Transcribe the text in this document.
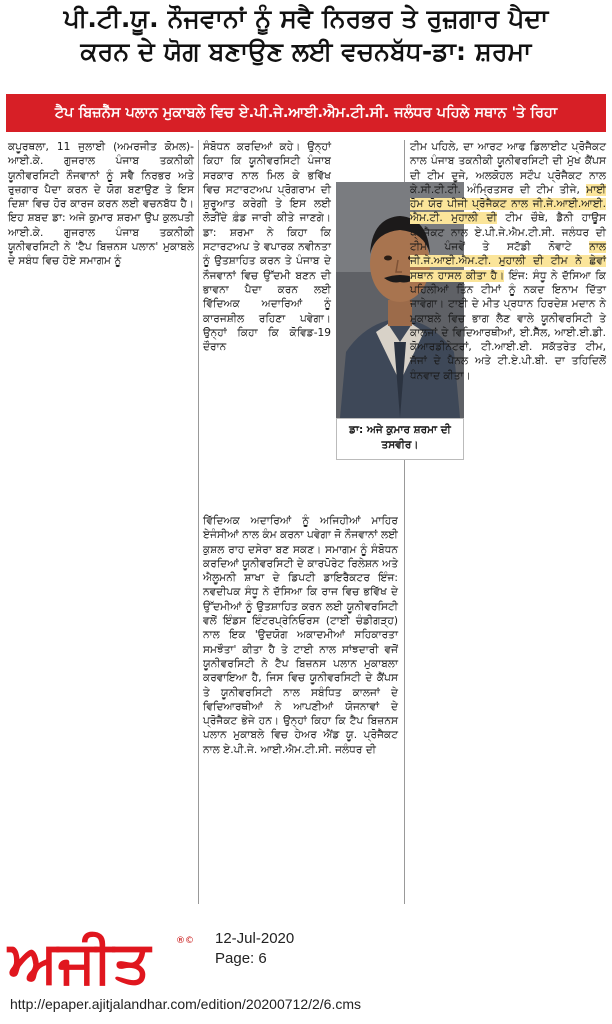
ਪੀ.ਟੀ.ਯੂ. ਨੌਜਵਾਨਾਂ ਨੂੰ ਸਵੈ ਨਿਰਭਰ ਤੇ ਰੁਜ਼ਗਾਰ ਪੈਦਾ
ਕਰਨ ਦੇ ਯੋਗ ਬਣਾਉਣ ਲਈ ਵਚਨਬੱਧ-ਡਾ: ਸ਼ਰਮਾ
ਟੈਪ ਬਿਜ਼ਨੈੱਸ ਪਲਾਨ ਮੁਕਾਬਲੇ ਵਿਚ ਏ.ਪੀ.ਜੇ.ਆਈ.ਐਮ.ਟੀ.ਸੀ. ਜਲੰਧਰ ਪਹਿਲੇ ਸਥਾਨ 'ਤੇ ਰਿਹਾ

ਕਪੂਰਥਲਾ, 11 ਜੁਲਾਈ (ਅਮਰਜੀਤ ਕੋਮਲ)-ਆਈ.ਕੇ. ਗੁਜਰਾਲ ਪੰਜਾਬ ਤਕਨੀਕੀ ਯੂਨੀਵਰਸਿਟੀ ਨੌਜਵਾਨਾਂ ਨੂੰ ਸਵੈ ਨਿਰਭਰ ਅਤੇ ਰੁਜ਼ਗਾਰ ਪੈਦਾ ਕਰਨ ਦੇ ਯੋਗ ਬਣਾਉਣ ਤੇ ਇਸ ਦਿਸ਼ਾ ਵਿਚ ਹੋਰ ਕਾਰਜ ਕਰਨ ਲਈ ਵਚਨਬੱਧ ਹੈ। ਇਹ ਸ਼ਬਦ ਡਾ: ਅਜੇ ਕੁਮਾਰ ਸ਼ਰਮਾ ਉਪ ਕੁਲਪਤੀ ਆਈ.ਕੇ. ਗੁਜਰਾਲ ਪੰਜਾਬ ਤਕਨੀਕੀ ਯੂਨੀਵਰਸਿਟੀ ਨੇ 'ਟੈਪ ਬਿਜ਼ਨਸ ਪਲਾਨ' ਮੁਕਾਬਲੇ ਦੇ ਸਬੰਧ ਵਿਚ ਹੋਏ ਸਮਾਗਮ ਨੂੰ

ਸੰਬੋਧਨ ਕਰਦਿਆਂ ਕਹੇ। ਉਨ੍ਹਾਂ ਕਿਹਾ ਕਿ ਯੂਨੀਵਰਸਿਟੀ ਪੰਜਾਬ ਸਰਕਾਰ ਨਾਲ ਮਿਲ ਕੇ ਭਵਿੱਖ ਵਿਚ ਸਟਾਰਟਅਪ ਪ੍ਰੋਗਰਾਮ ਦੀ ਸ਼ੁਰੂਆਤ ਕਰੇਗੀ ਤੇ ਇਸ ਲਈ ਲੋੜੀਂਦੇ ਫ਼ੰਡ ਜਾਰੀ ਕੀਤੇ ਜਾਣਗੇ। ਡਾ: ਸ਼ਰਮਾ ਨੇ ਕਿਹਾ ਕਿ ਸਟਾਰਟਅਪ ਤੇ ਵਪਾਰਕ ਨਵੀਨਤਾ ਨੂੰ ਉਤਸ਼ਾਹਿਤ ਕਰਨ ਤੇ ਪੰਜਾਬ ਦੇ ਨੌਜਵਾਨਾਂ ਵਿਚ ਉੱਦਮੀ ਬਣਨ ਦੀ ਭਾਵਨਾ ਪੈਦਾ ਕਰਨ ਲਈ ਵਿੱਦਿਅਕ ਅਦਾਰਿਆਂ ਨੂੰ ਕਾਰਜਸ਼ੀਲ ਰਹਿਣਾ ਪਵੇਗਾ। ਉਨ੍ਹਾਂ ਕਿਹਾ ਕਿ ਕੋਵਿਡ-19 ਦੌਰਾਨ

ਡਾ: ਅਜੇ ਕੁਮਾਰ ਸ਼ਰਮਾ ਦੀ ਤਸਵੀਰ।

ਵਿੱਦਿਅਕ ਅਦਾਰਿਆਂ ਨੂੰ ਅਜਿਹੀਆਂ ਮਾਹਿਰ ਏਜੰਸੀਆਂ ਨਾਲ ਕੰਮ ਕਰਨਾ ਪਵੇਗਾ ਜੋ ਨੌਜਵਾਨਾਂ ਲਈ ਕੁਸ਼ਲ ਰਾਹ ਦਸੇਰਾ ਬਣ ਸਕਣ। ਸਮਾਗਮ ਨੂੰ ਸੰਬੋਧਨ ਕਰਦਿਆਂ ਯੂਨੀਵਰਸਿਟੀ ਦੇ ਕਾਰਪੋਰੇਟ ਰਿਲੇਸ਼ਨ ਅਤੇ ਐਲੂਮਨੀ ਸ਼ਾਖਾ ਦੇ ਡਿਪਟੀ ਡਾਇਰੈਕਟਰ ਇੰਜ: ਨਵਦੀਪਕ ਸੰਧੂ ਨੇ ਦੱਸਿਆ ਕਿ ਰਾਜ ਵਿਚ ਭਵਿੱਖ ਦੇ ਉੱਦਮੀਆਂ ਨੂੰ ਉਤਸ਼ਾਹਿਤ ਕਰਨ ਲਈ ਯੂਨੀਵਰਸਿਟੀ ਵਲੋਂ ਇੰਡਸ ਇੰਟਰਪ੍ਰੇਨਿਓਰਸ (ਟਾਈ ਚੰਡੀਗੜ੍ਹ) ਨਾਲ ਇਕ 'ਉਦਯੋਗ ਅਕਾਦਮੀਆਂ ਸਹਿਕਾਰਤਾ ਸਮਝੌਤਾ' ਕੀਤਾ ਹੈ ਤੇ ਟਾਈ ਨਾਲ ਸਾਂਝਦਾਰੀ ਵਜੋਂ ਯੂਨੀਵਰਸਿਟੀ ਨੇ ਟੈਪ ਬਿਜ਼ਨਸ ਪਲਾਨ ਮੁਕਾਬਲਾ ਕਰਵਾਇਆ ਹੈ, ਜਿਸ ਵਿਚ ਯੂਨੀਵਰਸਿਟੀ ਦੇ ਕੈਂਪਸ ਤੇ ਯੂਨੀਵਰਸਿਟੀ ਨਾਲ ਸਬੰਧਿਤ ਕਾਲਜਾਂ ਦੇ ਵਿਦਿਆਰਥੀਆਂ ਨੇ ਆਪਣੀਆਂ ਯੋਜਨਾਵਾਂ ਦੇ ਪ੍ਰੋਜੈਕਟ ਭੇਜੇ ਹਨ। ਉਨ੍ਹਾਂ ਕਿਹਾ ਕਿ ਟੈਪ ਬਿਜ਼ਨਸ ਪਲਾਨ ਮੁਕਾਬਲੇ ਵਿਚ ਹੇਅਰ ਐਂਡ ਯੂ. ਪ੍ਰੋਜੈਕਟ ਨਾਲ ਏ.ਪੀ.ਜੇ. ਆਈ.ਐਮ.ਟੀ.ਸੀ. ਜਲੰਧਰ ਦੀ

ਟੀਮ ਪਹਿਲੇ, ਦਾ ਆਰਟ ਆਫ ਡਿਲਾਈਟ ਪ੍ਰੋਜੈਕਟ ਨਾਲ ਪੰਜਾਬ ਤਕਨੀਕੀ ਯੂਨੀਵਰਸਿਟੀ ਦੀ ਮੁੱਖ ਕੈਂਪਸ ਦੀ ਟੀਮ ਦੂਜੇ, ਅਲਕੋਹਲ ਸਟੌਪ ਪ੍ਰੋਜੈਕਟ ਨਾਲ ਕੇ.ਸੀ.ਟੀ.ਟੀ. ਅੰਮ੍ਰਿਤਸਰ ਦੀ ਟੀਮ ਤੀਜੇ, ਮਾਈ ਹੋਮ ਯੋਰ ਪੀਜੀ ਪ੍ਰੋਜੈਕਟ ਨਾਲ ਜੀ.ਜੇ.ਆਈ.ਆਈ. ਐਮ.ਟੀ. ਮੁਹਾਲੀ ਦੀ ਟੀਮ ਚੌਥੇ, ਡੈਨੀ ਹਾਊਸ ਪ੍ਰੋਜੈਕਟ ਨਾਲ ਏ.ਪੀ.ਜੇ.ਐਮ.ਟੀ.ਸੀ. ਜਲੰਧਰ ਦੀ ਟੀਮ ਪੰਜਵੇਂ ਤੇ ਸਟੱਡੀ ਨੋਵਾਟੇ ਨਾਲ ਜੀ.ਜੇ.ਆਈ.ਐਮ.ਟੀ. ਮੁਹਾਲੀ ਦੀ ਟੀਮ ਨੇ ਛੇਵਾਂ ਸਥਾਨ ਹਾਸਲ ਕੀਤਾ ਹੈ। ਇੰਜ: ਸੰਧੂ ਨੇ ਦੱਸਿਆ ਕਿ ਪਹਿਲੀਆਂ ਤਿੰਨ ਟੀਮਾਂ ਨੂੰ ਨਕਦ ਇਨਾਮ ਦਿੱਤਾ ਜਾਵੇਗਾ। ਟਾਈ ਦੇ ਮੀਤ ਪ੍ਰਧਾਨ ਹਿਰਦੇਸ਼ ਮਦਾਨ ਨੇ ਮੁਕਾਬਲੇ ਵਿਚ ਭਾਗ ਲੈਣ ਵਾਲੇ ਯੂਨੀਵਰਸਿਟੀ ਤੇ ਕਾਲਜਾਂ ਦੇ ਵਿਦਿਆਰਥੀਆਂ, ਈ.ਸੈੱਲ, ਆਈ.ਈ.ਡੀ. ਕੋਆਰਡੀਨੇਟਰਾਂ, ਟੀ.ਆਈ.ਈ. ਸਕੱਤਰੇਤ ਟੀਮ, ਜੱਜਾਂ ਦੇ ਪੈਨਲ ਅਤੇ ਟੀ.ਏ.ਪੀ.ਬੀ. ਦਾ ਤਹਿਦਿਲੋਂ ਧੰਨਵਾਦ ਕੀਤਾ।

ਅਜੀਤ	®© 12-Jul-2020
Page: 6
http://epaper.ajitjalandhar.com/edition/20200712/2/6.cms
